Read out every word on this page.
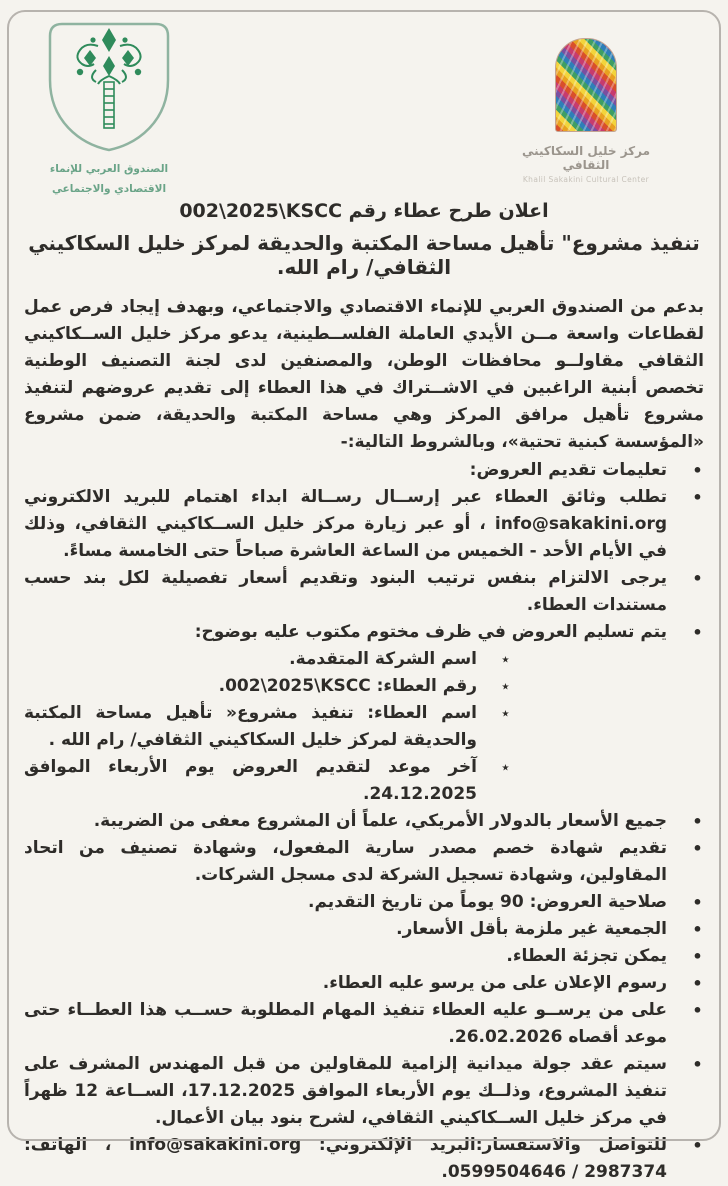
الصندوق العربي للإنماء
الاقتصادي والاجتماعي
مركز خليل السكاكيني الثقافي
Khalil Sakakini Cultural Center
اعلان طرح عطاء رقم 002\2025\KSCC
تنفيذ مشروع" تأهيل مساحة المكتبة والحديقة لمركز خليل السكاكيني الثقافي/ رام الله.
بدعم من الصندوق العربي للإنماء الاقتصادي والاجتماعي، وبهدف إيجاد فرص عمل لقطاعات واسعة مــن الأيدي العاملة الفلســطينية، يدعو مركز خليل الســكاكيني الثقافي مقاولــو محافظات الوطن، والمصنفين لدى لجنة التصنيف الوطنية تخصص أبنية الراغبين في الاشــتراك في هذا العطاء إلى تقديم عروضهم لتنفيذ مشروع تأهيل مرافق المركز وهي مساحة المكتبة والحديقة، ضمن مشروع «المؤسسة كبنية تحتية»، وبالشروط التالية:-
•
تعليمات تقديم العروض:
•
تطلب وثائق العطاء عبر إرســال رســالة ابداء اهتمام للبريد الالكتروني info@sakakini.org ، أو عبر زيارة مركز خليل الســكاكيني الثقافي، وذلك في الأيام الأحد - الخميس من الساعة العاشرة صباحاً حتى الخامسة مساءً.
•
يرجى الالتزام بنفس ترتيب البنود وتقديم أسعار تفصيلية لكل بند حسب مستندات العطاء.
•
يتم تسليم العروض في ظرف مختوم مكتوب عليه بوضوح:
٭
اسم الشركة المتقدمة.
٭
رقم العطاء: 002\2025\KSCC.
٭
اسم العطاء: تنفيذ مشروع« تأهيل مساحة المكتبة والحديقة لمركز خليل السكاكيني الثقافي/ رام الله .
٭
آخر موعد لتقديم العروض يوم الأربعاء الموافق 24.12.2025.
•
جميع الأسعار بالدولار الأمريكي، علماً أن المشروع معفى من الضريبة.
•
تقديم شهادة خصم مصدر سارية المفعول، وشهادة تصنيف من اتحاد المقاولين، وشهادة تسجيل الشركة لدى مسجل الشركات.
•
صلاحية العروض: 90 يوماً من تاريخ التقديم.
•
الجمعية غير ملزمة بأقل الأسعار.
•
يمكن تجزئة العطاء.
•
رسوم الإعلان على من يرسو عليه العطاء.
•
على من يرســو عليه العطاء تنفيذ المهام المطلوبة حســب هذا العطــاء حتى موعد أقصاه 26.02.2026.
•
سيتم عقد جولة ميدانية إلزامية للمقاولين من قبل المهندس المشرف على تنفيذ المشروع، وذلــك يوم الأربعاء الموافق 17.12.2025، الســاعة 12 ظهراً في مركز خليل الســكاكيني الثقافي، لشرح بنود بيان الأعمال.
•
للتواصل والاستفسار:البريد الإلكتروني: info@sakakini.org ، الهاتف: 2987374 / 0599504646.
